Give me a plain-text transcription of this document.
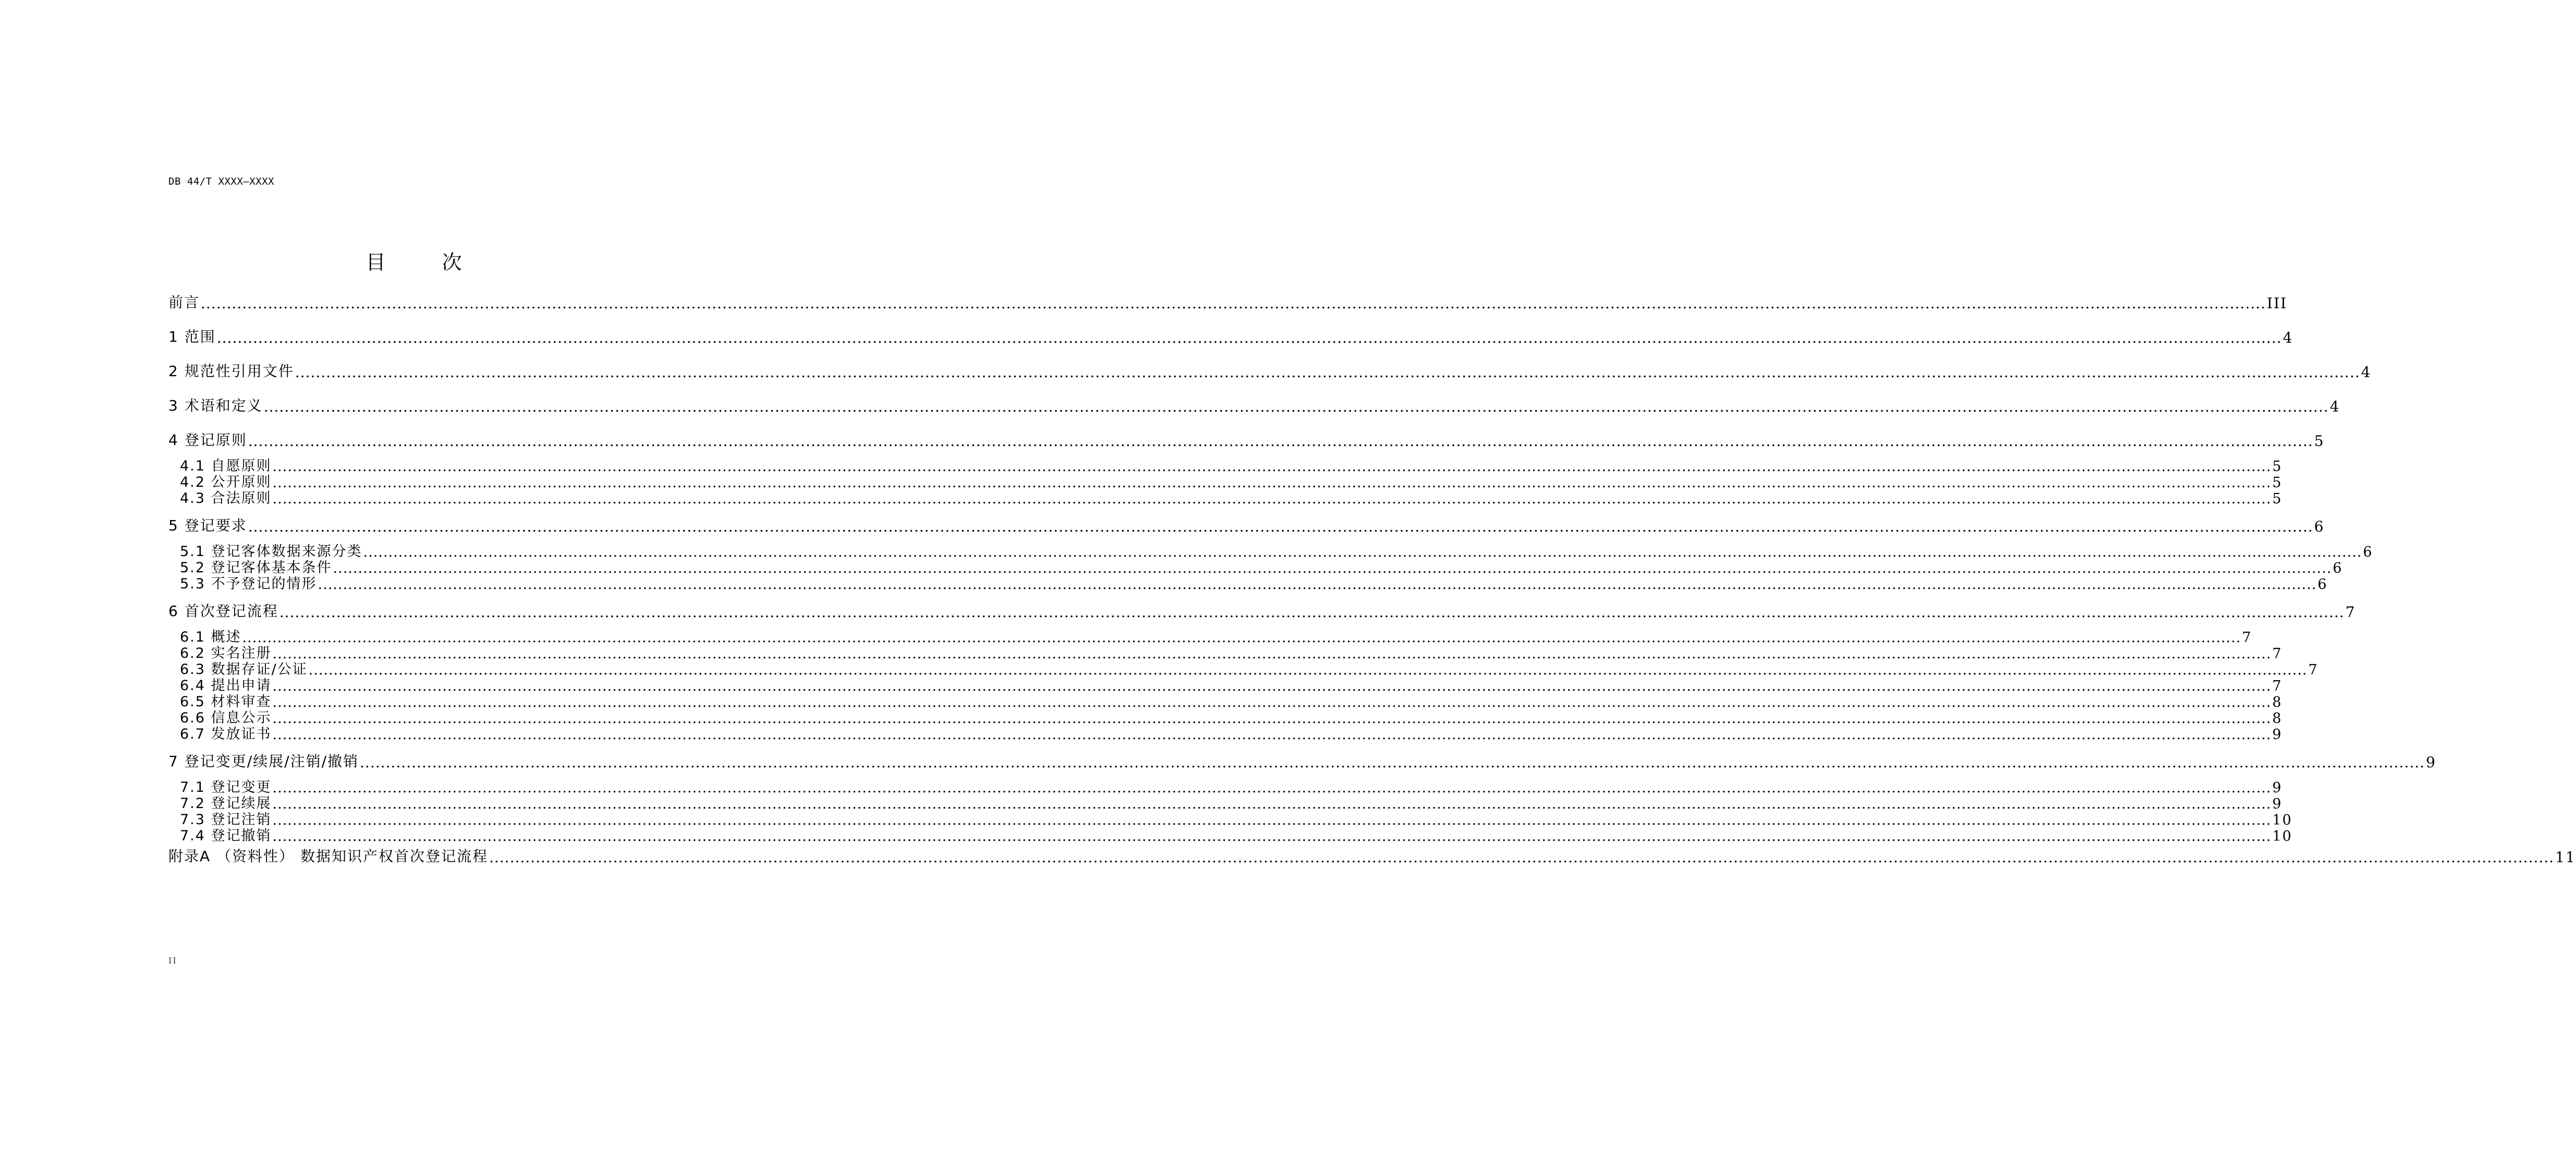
DB 44/T XXXX—XXXX
目 次
前言 ................................................................................................................................................................................................................................................................................................................................................................................................................ III
1 范围 ................................................................................................................................................................................................................................................................................................................................................................................................................ 4
2 规范性引用文件 ................................................................................................................................................................................................................................................................................................................................................................................................................ 4
3 术语和定义 ................................................................................................................................................................................................................................................................................................................................................................................................................ 4
4 登记原则 ................................................................................................................................................................................................................................................................................................................................................................................................................ 5
4.1 自愿原则 ................................................................................................................................................................................................................................................................................................................................................................................................................ 5
4.2 公开原则 ................................................................................................................................................................................................................................................................................................................................................................................................................ 5
4.3 合法原则 ................................................................................................................................................................................................................................................................................................................................................................................................................ 5
5 登记要求 ................................................................................................................................................................................................................................................................................................................................................................................................................ 6
5.1 登记客体数据来源分类 ................................................................................................................................................................................................................................................................................................................................................................................................................ 6
5.2 登记客体基本条件 ................................................................................................................................................................................................................................................................................................................................................................................................................ 6
5.3 不予登记的情形 ................................................................................................................................................................................................................................................................................................................................................................................................................ 6
6 首次登记流程 ................................................................................................................................................................................................................................................................................................................................................................................................................ 7
6.1 概述 ................................................................................................................................................................................................................................................................................................................................................................................................................ 7
6.2 实名注册 ................................................................................................................................................................................................................................................................................................................................................................................................................ 7
6.3 数据存证/公证 ................................................................................................................................................................................................................................................................................................................................................................................................................ 7
6.4 提出申请 ................................................................................................................................................................................................................................................................................................................................................................................................................ 7
6.5 材料审查 ................................................................................................................................................................................................................................................................................................................................................................................................................ 8
6.6 信息公示 ................................................................................................................................................................................................................................................................................................................................................................................................................ 8
6.7 发放证书 ................................................................................................................................................................................................................................................................................................................................................................................................................ 9
7 登记变更/续展/注销/撤销 ................................................................................................................................................................................................................................................................................................................................................................................................................ 9
7.1 登记变更 ................................................................................................................................................................................................................................................................................................................................................................................................................ 9
7.2 登记续展 ................................................................................................................................................................................................................................................................................................................................................................................................................ 9
7.3 登记注销 ................................................................................................................................................................................................................................................................................................................................................................................................................ 10
7.4 登记撤销 ................................................................................................................................................................................................................................................................................................................................................................................................................ 10
附录A （资料性） 数据知识产权首次登记流程 ................................................................................................................................................................................................................................................................................................................................................................................................................ 11
II
